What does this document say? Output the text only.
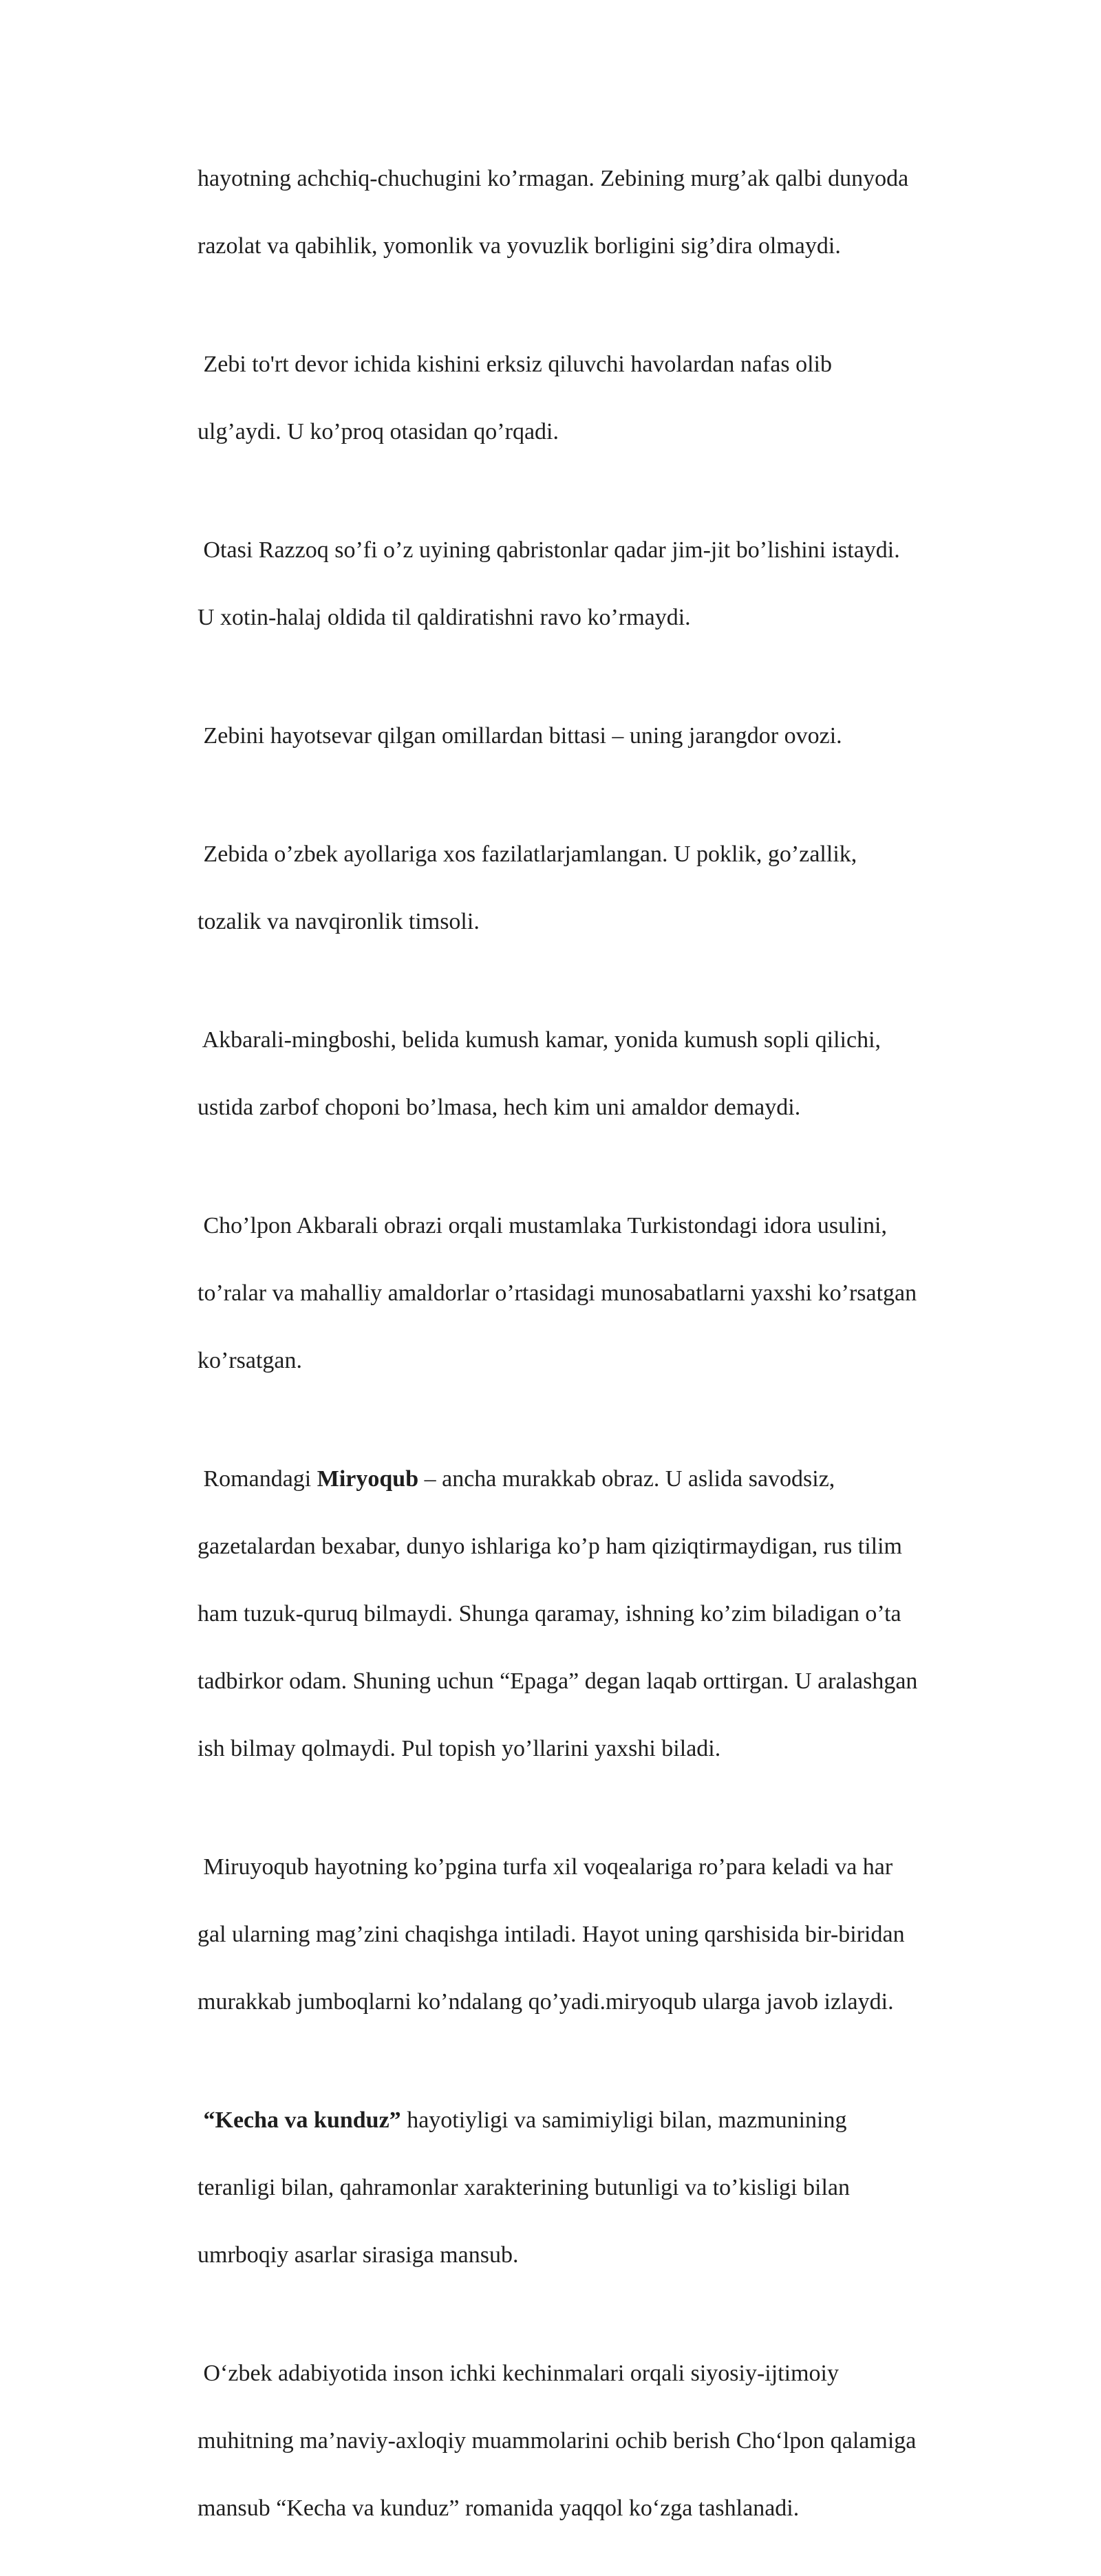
hayotning achchiq-chuchugini ko’rmagan. Zebining murg’ak qalbi dunyoda

razolat va qabihlik, yomonlik va yovuzlik borligini sig’dira olmaydi.

Zebi to'rt devor ichida kishini erksiz qiluvchi havolardan nafas olib

ulg’aydi. U ko’proq otasidan qo’rqadi.

Otasi Razzoq so’fi o’z uyining qabristonlar qadar jim-jit bo’lishini istaydi.

U xotin-halaj oldida til qaldiratishni ravo ko’rmaydi.

Zebini hayotsevar qilgan omillardan bittasi – uning jarangdor ovozi.

Zebida o’zbek ayollariga xos fazilatlarjamlangan. U poklik, go’zallik,

tozalik va navqironlik timsoli.

Akbarali-mingboshi, belida kumush kamar, yonida kumush sopli qilichi,

ustida zarbof choponi bo’lmasa, hech kim uni amaldor demaydi.

Cho’lpon Akbarali obrazi orqali mustamlaka Turkistondagi idora usulini,

to’ralar va mahalliy amaldorlar o’rtasidagi munosabatlarni yaxshi ko’rsatgan

ko’rsatgan.

Romandagi Miryoqub – ancha murakkab obraz. U aslida savodsiz,

gazetalardan bexabar, dunyo ishlariga ko’p ham qiziqtirmaydigan, rus tilim

ham tuzuk-quruq bilmaydi. Shunga qaramay, ishning ko’zim biladigan o’ta

tadbirkor odam. Shuning uchun “Epaga” degan laqab orttirgan. U aralashgan

ish bilmay qolmaydi. Pul topish yo’llarini yaxshi biladi.

Miruyoqub hayotning ko’pgina turfa xil voqealariga ro’para keladi va har

gal ularning mag’zini chaqishga intiladi. Hayot uning qarshisida bir-biridan

murakkab jumboqlarni ko’ndalang qo’yadi.miryoqub ularga javob izlaydi.

“Kecha va kunduz” hayotiyligi va samimiyligi bilan, mazmunining

teranligi bilan, qahramonlar xarakterining butunligi va to’kisligi bilan

umrboqiy asarlar sirasiga mansub.

O‘zbek adabiyotida inson ichki kechinmalari orqali siyosiy-ijtimoiy

muhitning ma’naviy-axloqiy muammolarini ochib berish Cho‘lpon qalamiga

mansub “Kecha va kunduz” romanida yaqqol ko‘zga tashlanadi.
